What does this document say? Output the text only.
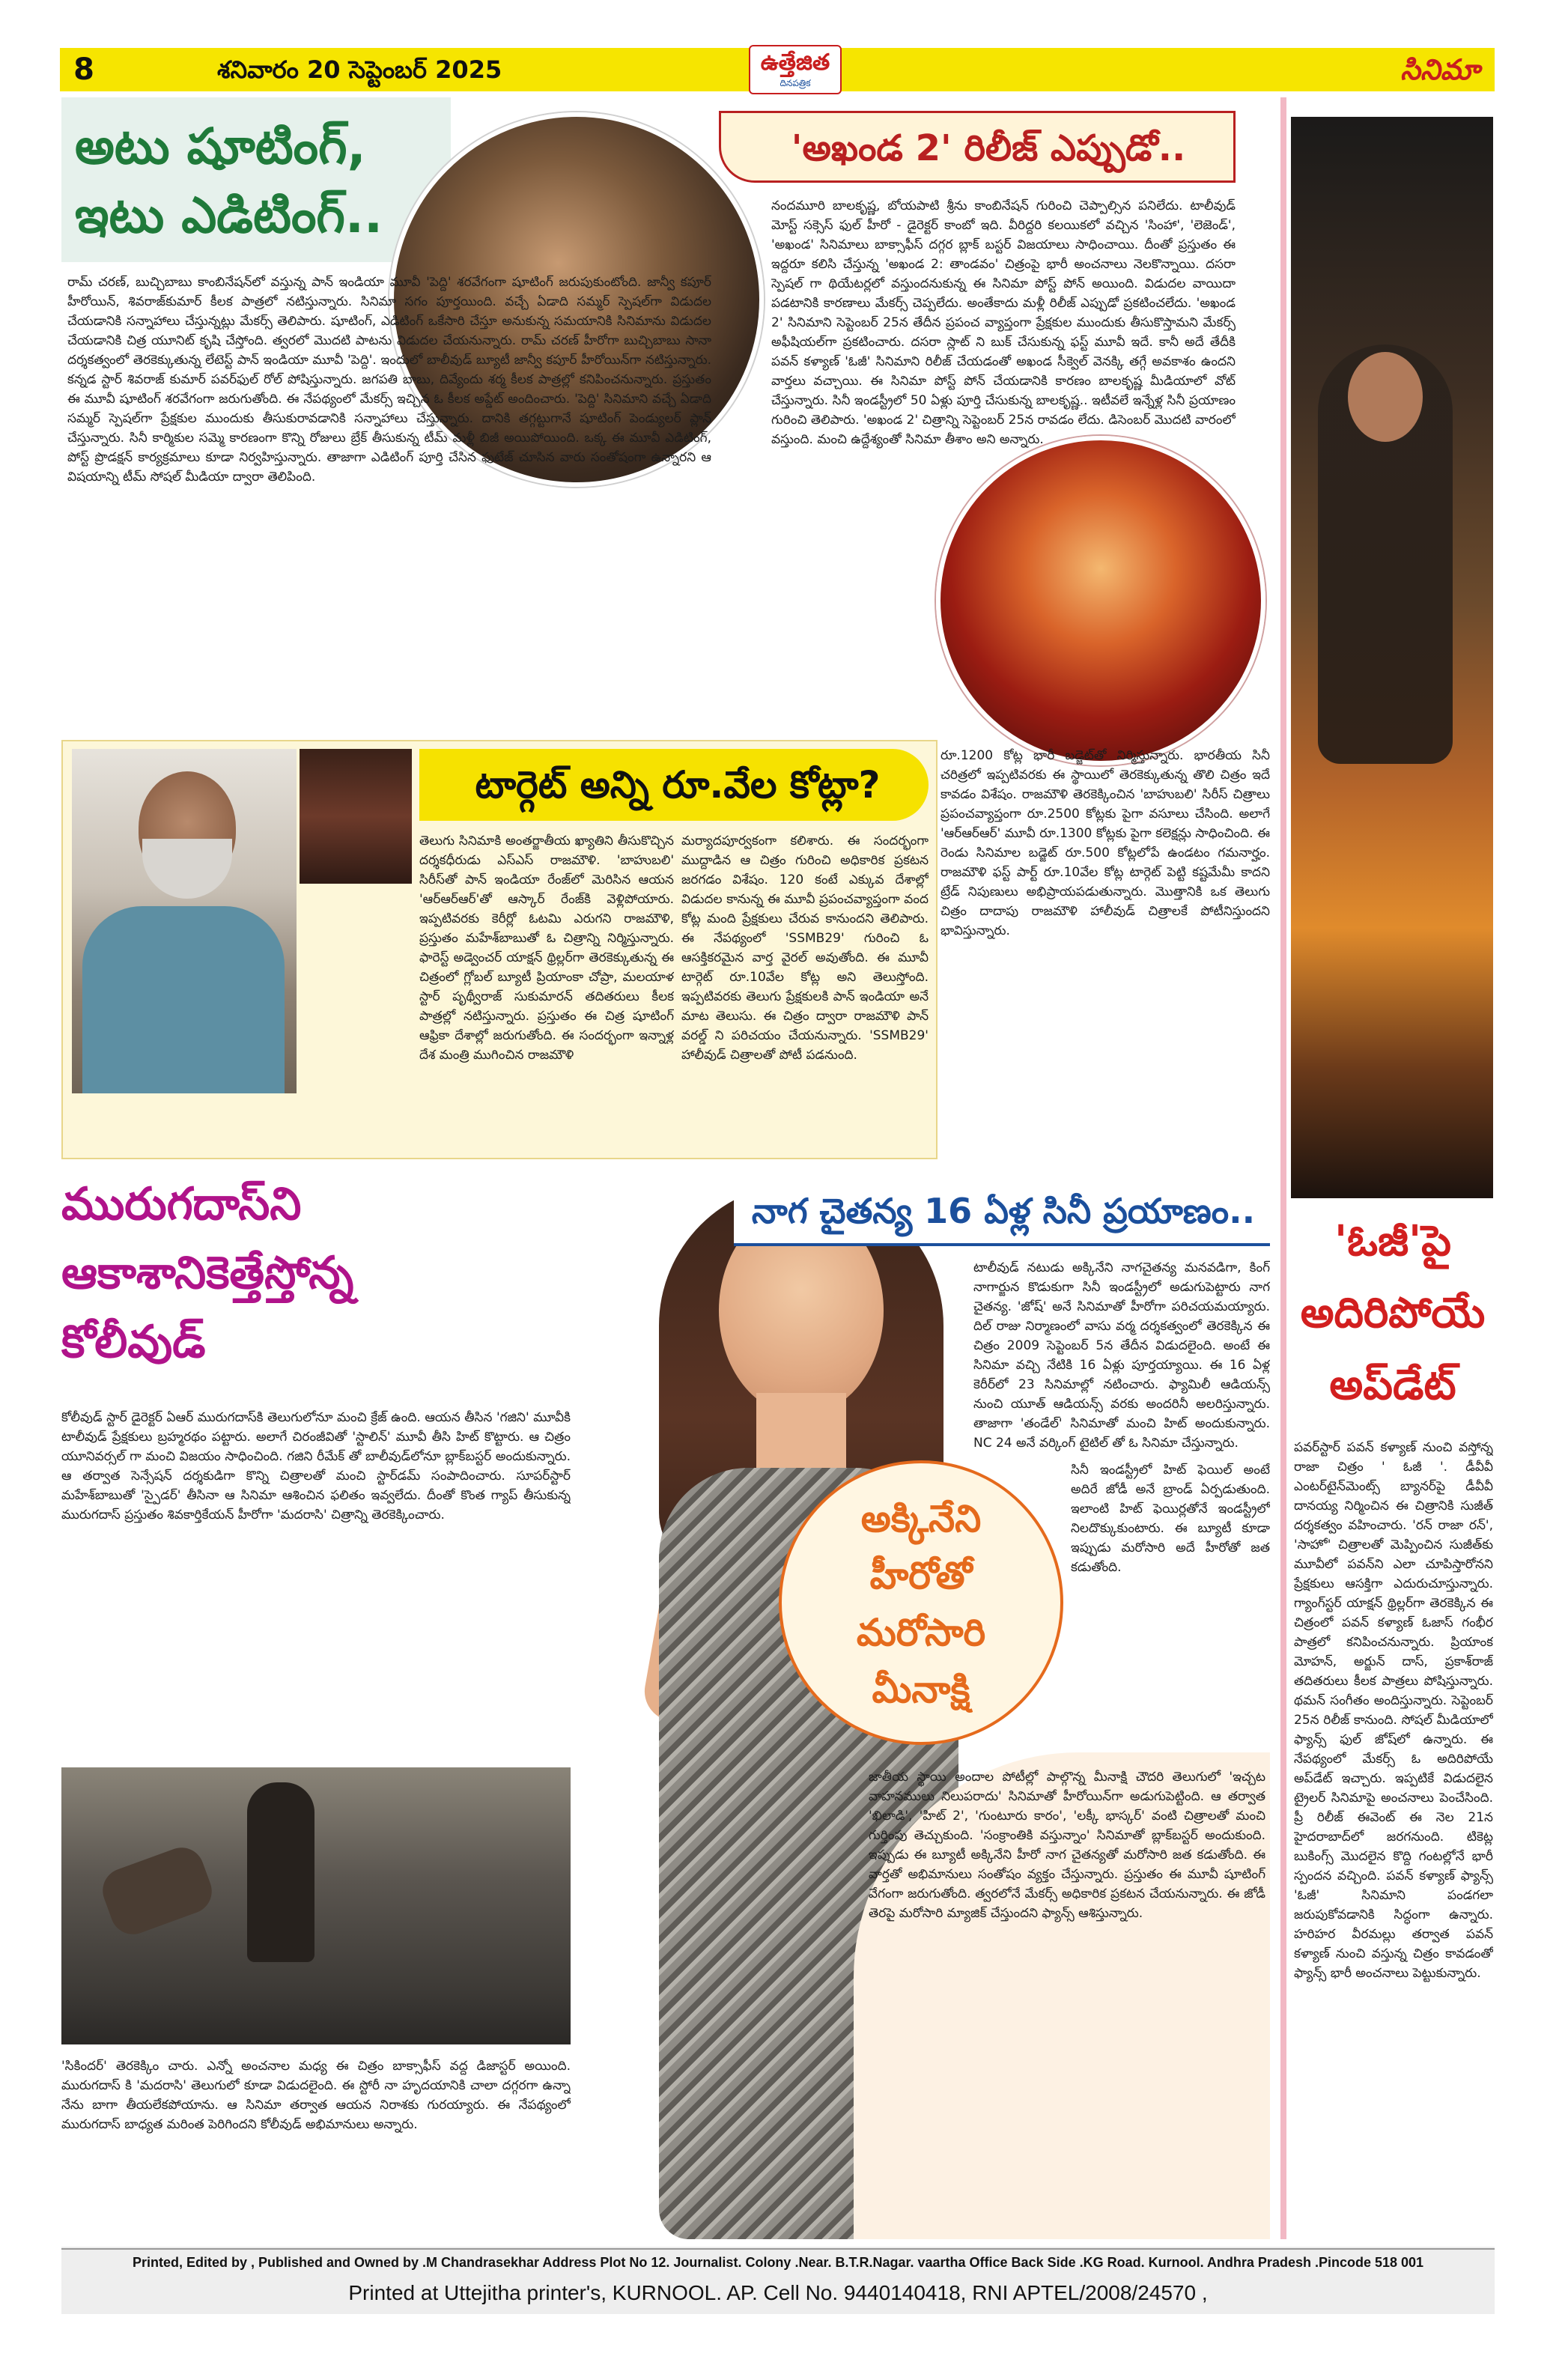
8	శనివారం 20 సెప్టెంబర్ 2025	ఉత్తేజిత
దినపత్రిక	సినిమా
అటు షూటింగ్,
ఇటు ఎడిటింగ్..
రామ్ చరణ్, బుచ్చిబాబు కాంబినేషన్‌లో వస్తున్న పాన్ ఇండియా మూవీ 'పెద్ది' శరవేగంగా షూటింగ్ జరుపుకుంటోంది. జాన్వీ కపూర్ హీరోయిన్, శివరాజ్‌కుమార్ కీలక పాత్రలో నటిస్తున్నారు. సినిమా సగం పూర్తయింది. వచ్చే ఏడాది సమ్మర్ స్పెషల్‌గా విడుదల చేయడానికి సన్నాహాలు చేస్తున్నట్లు మేకర్స్ తెలిపారు. షూటింగ్, ఎడిటింగ్ ఒకేసారి చేస్తూ అనుకున్న సమయానికి సినిమాను విడుదల చేయడానికి చిత్ర యూనిట్ కృషి చేస్తోంది. త్వరలో మొదటి పాటను విడుదల చేయనున్నారు. రామ్ చరణ్ హీరోగా బుచ్చిబాబు సానా దర్శకత్వంలో తెరకెక్కుతున్న లేటెస్ట్ పాన్ ఇండియా మూవీ 'పెద్ది'. ఇందులో బాలీవుడ్ బ్యూటీ జాన్వీ కపూర్ హీరోయిన్‌గా నటిస్తున్నారు. కన్నడ స్టార్ శివరాజ్ కుమార్ పవర్‌ఫుల్ రోల్ పోషిస్తున్నారు. జగపతి బాబు, దివ్యేందు శర్మ కీలక పాత్రల్లో కనిపించనున్నారు. ప్రస్తుతం ఈ మూవీ షూటింగ్ శరవేగంగా జరుగుతోంది. ఈ నేపథ్యంలో మేకర్స్ ఇచ్చిన ఓ కీలక అప్డేట్ అందించారు. 'పెద్ది' సినిమాని వచ్చే ఏడాది సమ్మర్ స్పెషల్‌గా ప్రేక్షకుల ముందుకు తీసుకురావడానికి సన్నాహాలు చేస్తున్నారు. దానికి తగ్గట్టుగానే షూటింగ్ పెండ్యులర్ ప్లాన్ చేస్తున్నారు. సినీ కార్మికుల సమ్మె కారణంగా కొన్ని రోజులు బ్రేక్ తీసుకున్న టీమ్ మళ్లీ బిజీ అయిపోయింది. ఒక్క ఈ మూవీ ఎడిటింగ్, పోస్ట్ ప్రొడక్షన్ కార్యక్రమాలు కూడా నిర్వహిస్తున్నారు. తాజాగా ఎడిటింగ్ పూర్తి చేసిన ఫుటేజ్ చూసిన వారు సంతోషంగా ఉన్నారని ఆ విషయాన్ని టీమ్ సోషల్ మీడియా ద్వారా తెలిపింది.
'అఖండ 2' రిలీజ్ ఎప్పుడో..
నందమూరి బాలకృష్ణ, బోయపాటి శ్రీను కాంబినేషన్ గురించి చెప్పాల్సిన పనిలేదు. టాలీవుడ్ మోస్ట్ సక్సెస్ ఫుల్ హీరో - డైరెక్టర్ కాంబో ఇది. వీరిద్దరి కలయికలో వచ్చిన 'సింహా', 'లెజెండ్', 'అఖండ' సినిమాలు బాక్సాఫీస్ దగ్గర బ్లాక్ బస్టర్ విజయాలు సాధించాయి. దీంతో ప్రస్తుతం ఈ ఇద్దరూ కలిసి చేస్తున్న 'అఖండ 2: తాండవం' చిత్రంపై భారీ అంచనాలు నెలకొన్నాయి. దసరా స్పెషల్ గా థియేటర్లలో వస్తుందనుకున్న ఈ సినిమా పోస్ట్ పోన్ అయింది. విడుదల వాయిదా పడటానికి కారణాలు మేకర్స్ చెప్పలేదు. అంతేకాదు మళ్లీ రిలీజ్ ఎప్పుడో ప్రకటించలేదు. 'అఖండ 2' సినిమాని సెప్టెంబర్ 25న తేదీన ప్రపంచ వ్యాప్తంగా ప్రేక్షకుల ముందుకు తీసుకొస్తామని మేకర్స్ అఫీషియల్‌గా ప్రకటించారు. దసరా స్లాట్ ని బుక్ చేసుకున్న ఫస్ట్ మూవీ ఇదే. కానీ అదే తేదీకి పవన్ కళ్యాణ్ 'ఓజీ' సినిమాని రిలీజ్ చేయడంతో అఖండ సీక్వెల్ వెనక్కి తగ్గే అవకాశం ఉందని వార్తలు వచ్చాయి. ఈ సినిమా పోస్ట్ పోన్ చేయడానికి కారణం బాలకృష్ణ మీడియాలో వోట్ చేస్తున్నారు. సినీ ఇండస్ట్రీలో 50 ఏళ్లు పూర్తి చేసుకున్న బాలకృష్ణ.. ఇటీవలే ఇన్నేళ్ల సినీ ప్రయాణం గురించి తెలిపారు. 'అఖండ 2' చిత్రాన్ని సెప్టెంబర్ 25న రావడం లేదు. డిసెంబర్ మొదటి వారంలో వస్తుంది. మంచి ఉద్దేశ్యంతో సినిమా తీశాం అని అన్నారు.
టార్గెట్ అన్ని రూ.వేల కోట్లా?
తెలుగు సినిమాకి అంతర్జాతీయ ఖ్యాతిని తీసుకొచ్చిన దర్శకధీరుడు ఎస్ఎస్ రాజమౌళి. 'బాహుబలి' సిరీస్‌తో పాన్ ఇండియా రేంజ్‌లో మెరిసిన ఆయన 'ఆర్ఆర్ఆర్'తో ఆస్కార్ రేంజ్‌కి వెళ్లిపోయారు. ఇప్పటివరకు కెరీర్లో ఓటమి ఎరుగని రాజమౌళి, ప్రస్తుతం మహేశ్‌బాబుతో ఓ చిత్రాన్ని నిర్మిస్తున్నారు. ఫారెస్ట్ అడ్వెంచర్ యాక్షన్ థ్రిల్లర్‌గా తెరకెక్కుతున్న ఈ చిత్రంలో గ్లోబల్ బ్యూటీ ప్రియాంకా చోప్రా, మలయాళ స్టార్ పృథ్వీరాజ్ సుకుమారన్ తదితరులు కీలక పాత్రల్లో నటిస్తున్నారు. ప్రస్తుతం ఈ చిత్ర షూటింగ్ ఆఫ్రికా దేశాల్లో జరుగుతోంది. ఈ సందర్భంగా ఇన్నాళ్ల దేశ మంత్రి ముగించిన రాజమౌళి
మర్యాదపూర్వకంగా కలిశారు. ఈ సందర్భంగా ముద్దాడిన ఆ చిత్రం గురించి అధికారిక ప్రకటన జరగడం విశేషం. 120 కంటే ఎక్కువ దేశాల్లో విడుదల కానున్న ఈ మూవీ ప్రపంచవ్యాప్తంగా వంద కోట్ల మంది ప్రేక్షకులు చేరువ కానుందని తెలిపారు. ఈ నేపథ్యంలో 'SSMB29' గురించి ఓ ఆసక్తికరమైన వార్త వైరల్ అవుతోంది. ఈ మూవీ టార్గెట్ రూ.10వేల కోట్ల అని తెలుస్తోంది. ఇప్పటివరకు తెలుగు ప్రేక్షకులకి పాన్ ఇండియా అనే మాట తెలుసు. ఈ చిత్రం ద్వారా రాజమౌళి పాన్ వరల్డ్ ని పరిచయం చేయనున్నారు. 'SSMB29' హాలీవుడ్ చిత్రాలతో పోటీ పడనుంది.
రూ.1200 కోట్ల భారీ బడ్జెట్‌తో నిర్మిస్తున్నారు. భారతీయ సినీ చరిత్రలో ఇప్పటివరకు ఈ స్థాయిలో తెరకెక్కుతున్న తొలి చిత్రం ఇదే కావడం విశేషం. రాజమౌళి తెరకెక్కించిన 'బాహుబలి' సిరీస్ చిత్రాలు ప్రపంచవ్యాప్తంగా రూ.2500 కోట్లకు పైగా వసూలు చేసింది. అలాగే 'ఆర్ఆర్ఆర్' మూవీ రూ.1300 కోట్లకు పైగా కలెక్షన్లు సాధించింది. ఈ రెండు సినిమాల బడ్జెట్ రూ.500 కోట్లలోపే ఉండటం గమనార్హం. రాజమౌళి ఫస్ట్ పార్ట్ రూ.10వేల కోట్ల టార్గెట్ పెట్టి కష్టమేమీ కాదని ట్రేడ్ నిపుణులు అభిప్రాయపడుతున్నారు. మొత్తానికి ఒక తెలుగు చిత్రం దాదాపు రాజమౌళి హాలీవుడ్ చిత్రాలకే పోటీనిస్తుందని భావిస్తున్నారు.
'ఓజీ'పై
అదిరిపోయే
అప్‌డేట్
పవర్‌స్టార్ పవన్ కళ్యాణ్ నుంచి వస్తోన్న రాజా చిత్రం ' ఓజీ '. డీవీవీ ఎంటర్‌టైన్‌మెంట్స్ బ్యానర్‌పై డీవీవీ దానయ్య నిర్మించిన ఈ చిత్రానికి సుజీత్ దర్శకత్వం వహించారు. 'రన్ రాజా రన్', 'సాహో' చిత్రాలతో మెప్పించిన సుజీత్‌కు మూవీలో పవన్‌ని ఎలా చూపిస్తారోనని ప్రేక్షకులు ఆసక్తిగా ఎదురుచూస్తున్నారు. గ్యాంగ్‌స్టర్ యాక్షన్ థ్రిల్లర్‌గా తెరకెక్కిన ఈ చిత్రంలో పవన్ కళ్యాణ్ ఓజాస్ గంభీర పాత్రలో కనిపించనున్నారు. ప్రియాంక మోహన్, అర్జున్ దాస్, ప్రకాశ్‌రాజ్ తదితరులు కీలక పాత్రలు పోషిస్తున్నారు. థమన్ సంగీతం అందిస్తున్నారు. సెప్టెంబర్ 25న రిలీజ్ కానుంది. సోషల్ మీడియాలో ఫ్యాన్స్ ఫుల్ జోష్‌లో ఉన్నారు. ఈ నేపథ్యంలో మేకర్స్ ఓ అదిరిపోయే అప్‌డేట్ ఇచ్చారు. ఇప్పటికే విడుదలైన ట్రైలర్ సినిమాపై అంచనాలు పెంచేసింది. ప్రీ రిలీజ్ ఈవెంట్ ఈ నెల 21న హైదరాబాద్‌లో జరగనుంది. టికెట్ల బుకింగ్స్ మొదలైన కొద్ది గంటల్లోనే భారీ స్పందన వచ్చింది. పవన్ కళ్యాణ్ ఫ్యాన్స్ 'ఓజీ' సినిమాని పండగలా జరుపుకోవడానికి సిద్ధంగా ఉన్నారు. హరిహర వీరమల్లు తర్వాత పవన్ కళ్యాణ్ నుంచి వస్తున్న చిత్రం కావడంతో ఫ్యాన్స్ భారీ అంచనాలు పెట్టుకున్నారు.
మురుగదాస్‌ని
ఆకాశానికెత్తేస్తోన్న
కోలీవుడ్
కోలీవుడ్ స్టార్ డైరెక్టర్ ఏఆర్ మురుగదాస్‌కి తెలుగులోనూ మంచి క్రేజ్ ఉంది. ఆయన తీసిన 'గజిని' మూవీకి టాలీవుడ్ ప్రేక్షకులు బ్రహ్మరథం పట్టారు. అలాగే చిరంజీవితో 'స్టాలిన్' మూవీ తీసి హిట్ కొట్టారు. ఆ చిత్రం యూనివర్సల్ గా మంచి విజయం సాధించింది. గజిని రీమేక్ తో బాలీవుడ్‌లోనూ బ్లాక్‌బస్టర్ అందుకున్నారు. ఆ తర్వాత సెన్సేషన్ దర్శకుడిగా కొన్ని చిత్రాలతో మంచి స్టార్‌డమ్ సంపాదించారు. సూపర్‌స్టార్ మహేశ్‌బాబుతో 'స్పైడర్' తీసినా ఆ సినిమా ఆశించిన ఫలితం ఇవ్వలేదు. దీంతో కొంత గ్యాప్ తీసుకున్న మురుగదాస్ ప్రస్తుతం శివకార్తికేయన్ హీరోగా 'మదరాసి' చిత్రాన్ని తెరకెక్కించారు.
'సికిందర్' తెరకెక్కిం చారు. ఎన్నో అంచనాల మధ్య ఈ చిత్రం బాక్సాఫీస్ వద్ద డిజాస్టర్ అయింది. మురుగదాస్ కి 'మదరాసి' తెలుగులో కూడా విడుదలైంది. ఈ స్టోరీ నా హృదయానికి చాలా దగ్గరగా ఉన్నా నేను బాగా తీయలేకపోయాను. ఆ సినిమా తర్వాత ఆయన నిరాశకు గురయ్యారు. ఈ నేపథ్యంలో మురుగదాస్ బాధ్యత మరింత పెరిగిందని కోలీవుడ్ అభిమానులు అన్నారు.
నాగ చైతన్య 16 ఏళ్ల సినీ ప్రయాణం..
టాలీవుడ్ నటుడు అక్కినేని నాగచైతన్య మనవడిగా, కింగ్ నాగార్జున కొడుకుగా సినీ ఇండస్ట్రీలో అడుగుపెట్టారు నాగ చైతన్య. 'జోష్' అనే సినిమాతో హీరోగా పరిచయమయ్యారు. దిల్ రాజు నిర్మాణంలో వాసు వర్మ దర్శకత్వంలో తెరకెక్కిన ఈ చిత్రం 2009 సెప్టెంబర్ 5న తేదీన విడుదలైంది. అంటే ఈ సినిమా వచ్చి నేటికి 16 ఏళ్లు పూర్తయ్యాయి. ఈ 16 ఏళ్ల కెరీర్‌లో 23 సినిమాల్లో నటించారు. ఫ్యామిలీ ఆడియన్స్ నుంచి యూత్ ఆడియన్స్ వరకు అందరినీ అలరిస్తున్నారు. తాజాగా 'తండేల్' సినిమాతో మంచి హిట్ అందుకున్నారు. NC 24 అనే వర్కింగ్ టైటిల్ తో ఓ సినిమా చేస్తున్నారు.
అక్కినేని
హీరోతో
మరోసారి
మీనాక్షి
సినీ ఇండస్ట్రీలో హిట్ ఫెయిల్ అంటే అదిరే జోడీ అనే బ్రాండ్ ఏర్పడుతుంది. ఇలాంటి హిట్ ఫెయిర్లతోనే ఇండస్ట్రీలో నిలదొక్కుకుంటారు. ఈ బ్యూటీ కూడా ఇప్పుడు మరోసారి అదే హీరోతో జత కడుతోంది.
జాతీయ స్థాయి అందాల పోటీల్లో పాల్గొన్న మీనాక్షి చౌదరి తెలుగులో 'ఇచ్చట వాహనములు నిలుపరాదు' సినిమాతో హీరోయిన్‌గా అడుగుపెట్టింది. ఆ తర్వాత 'ఖిలాడి', 'హిట్ 2', 'గుంటూరు కారం', 'లక్కీ భాస్కర్' వంటి చిత్రాలతో మంచి గుర్తింపు తెచ్చుకుంది. 'సంక్రాంతికి వస్తున్నాం' సినిమాతో బ్లాక్‌బస్టర్ అందుకుంది. ఇప్పుడు ఈ బ్యూటీ అక్కినేని హీరో నాగ చైతన్యతో మరోసారి జత కడుతోంది. ఈ వార్తతో అభిమానులు సంతోషం వ్యక్తం చేస్తున్నారు. ప్రస్తుతం ఈ మూవీ షూటింగ్ వేగంగా జరుగుతోంది. త్వరలోనే మేకర్స్ అధికారిక ప్రకటన చేయనున్నారు. ఈ జోడీ తెరపై మరోసారి మ్యాజిక్ చేస్తుందని ఫ్యాన్స్ ఆశిస్తున్నారు.
Printed, Edited by , Published and Owned by .M Chandrasekhar Address Plot No 12. Journalist. Colony .Near. B.T.R.Nagar. vaartha Office Back Side .KG Road. Kurnool. Andhra Pradesh .Pincode 518 001
Printed at Uttejitha printer's, KURNOOL. AP. Cell No. 9440140418, RNI APTEL/2008/24570 ,
